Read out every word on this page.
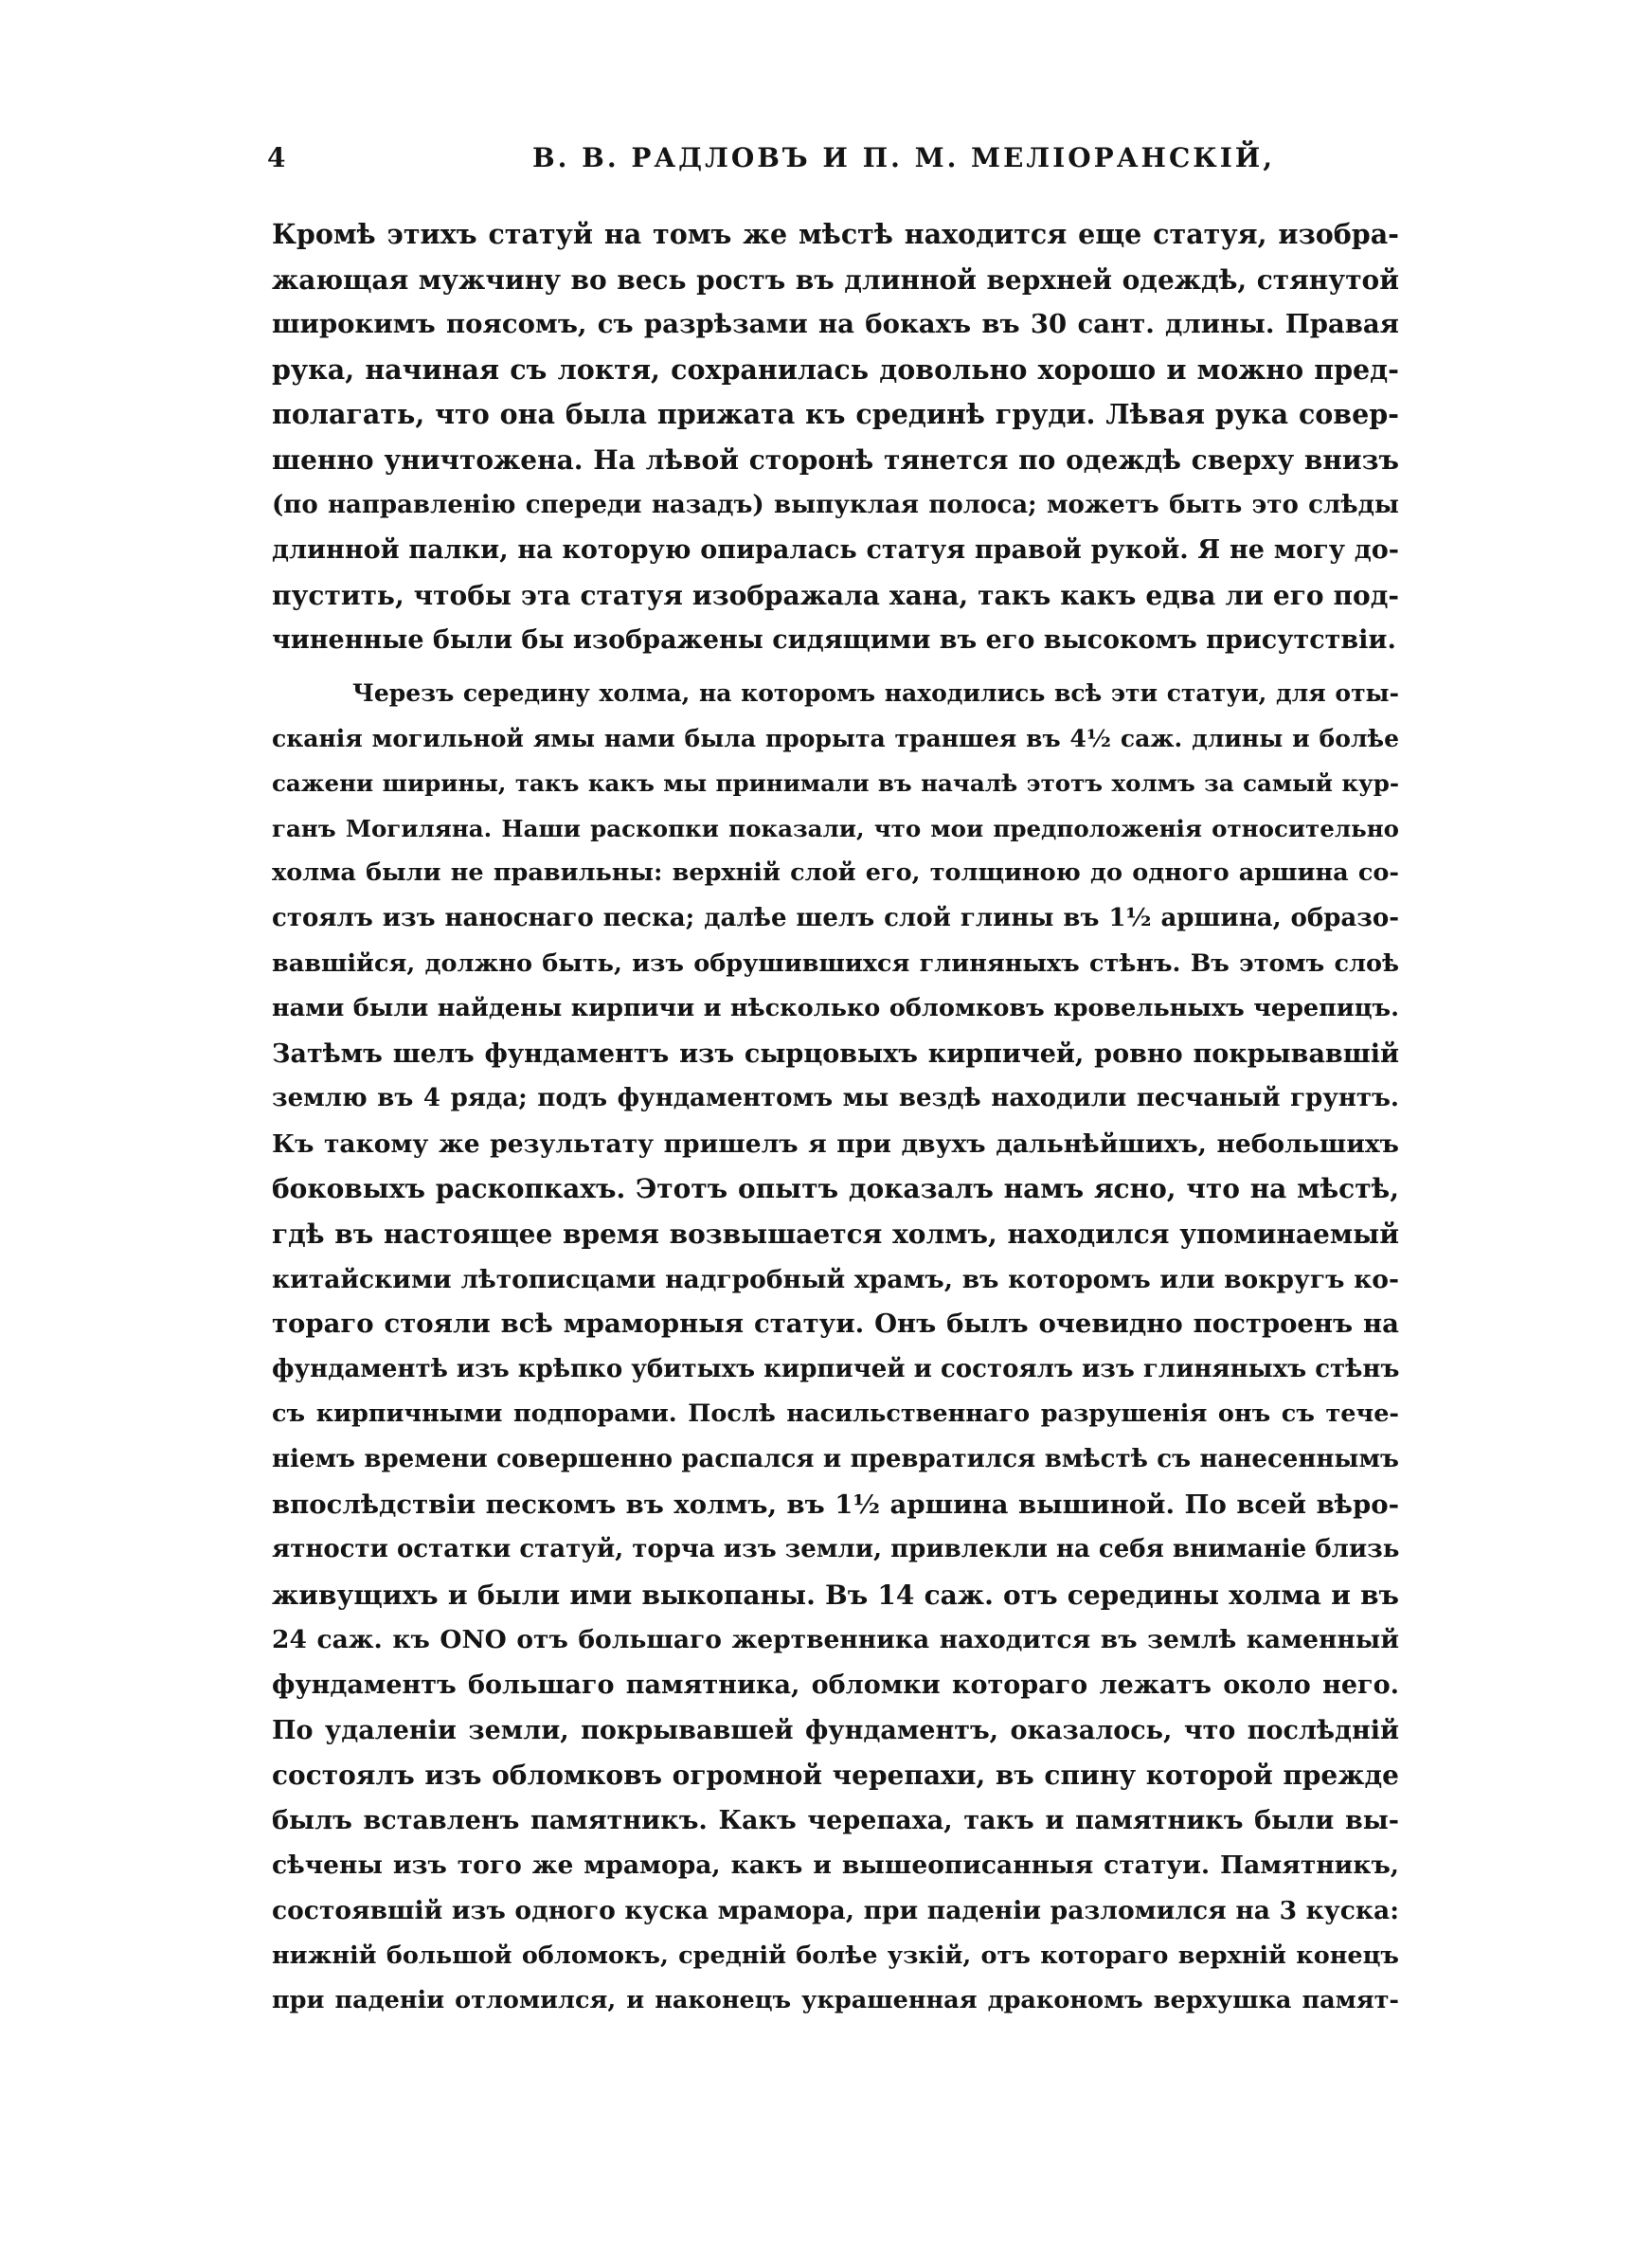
4	В. В. РАДЛОВЪ И П. М. МЕЛІОРАНСКІЙ,
Кромѣ этихъ статуй на томъ же мѣстѣ находится еще статуя, изобра-
жающая мужчину во весь ростъ въ длинной верхней одеждѣ, стянутой
широкимъ поясомъ, съ разрѣзами на бокахъ въ 30 сант. длины. Правая
рука, начиная съ локтя, сохранилась довольно хорошо и можно пред-
полагать, что она была прижата къ срединѣ груди. Лѣвая рука совер-
шенно уничтожена. На лѣвой сторонѣ тянется по одеждѣ сверху внизъ
(по направленію спереди назадъ) выпуклая полоса; можетъ быть это слѣды
длинной палки, на которую опиралась статуя правой рукой. Я не могу до-
пустить, чтобы эта статуя изображала хана, такъ какъ едва ли его под-
чиненные были бы изображены сидящими въ его высокомъ присутствіи.
Черезъ середину холма, на которомъ находились всѣ эти статуи, для оты-
сканія могильной ямы нами была прорыта траншея въ 4½ саж. длины и болѣе
сажени ширины, такъ какъ мы принимали въ началѣ этотъ холмъ за самый кур-
ганъ Могиляна. Наши раскопки показали, что мои предположенія относительно
холма были не правильны: верхній слой его, толщиною до одного аршина со-
стоялъ изъ наноснаго песка; далѣе шелъ слой глины въ 1½ аршина, образо-
вавшійся, должно быть, изъ обрушившихся глиняныхъ стѣнъ. Въ этомъ слоѣ
нами были найдены кирпичи и нѣсколько обломковъ кровельныхъ черепицъ.
Затѣмъ шелъ фундаментъ изъ сырцовыхъ кирпичей, ровно покрывавшій
землю въ 4 ряда; подъ фундаментомъ мы вездѣ находили песчаный грунтъ.
Къ такому же результату пришелъ я при двухъ дальнѣйшихъ, небольшихъ
боковыхъ раскопкахъ. Этотъ опытъ доказалъ намъ ясно, что на мѣстѣ,
гдѣ въ настоящее время возвышается холмъ, находился упоминаемый
китайскими лѣтописцами надгробный храмъ, въ которомъ или вокругъ ко-
тораго стояли всѣ мраморныя статуи. Онъ былъ очевидно построенъ на
фундаментѣ изъ крѣпко убитыхъ кирпичей и состоялъ изъ глиняныхъ стѣнъ
съ кирпичными подпорами. Послѣ насильственнаго разрушенія онъ съ тече-
ніемъ времени совершенно распался и превратился вмѣстѣ съ нанесеннымъ
впослѣдствіи пескомъ въ холмъ, въ 1½ аршина вышиной. По всей вѣро-
ятности остатки статуй, торча изъ земли, привлекли на себя вниманіе близь
живущихъ и были ими выкопаны. Въ 14 саж. отъ середины холма и въ
24 саж. къ ONO отъ большаго жертвенника находится въ землѣ каменный
фундаментъ большаго памятника, обломки котораго лежатъ около него.
По удаленіи земли, покрывавшей фундаментъ, оказалось, что послѣдній
состоялъ изъ обломковъ огромной черепахи, въ спину которой прежде
былъ вставленъ памятникъ. Какъ черепаха, такъ и памятникъ были вы-
сѣчены изъ того же мрамора, какъ и вышеописанныя статуи. Памятникъ,
состоявшій изъ одного куска мрамора, при паденіи разломился на 3 куска:
нижній большой обломокъ, средній болѣе узкій, отъ котораго верхній конецъ
при паденіи отломился, и наконецъ украшенная дракономъ верхушка памят-
